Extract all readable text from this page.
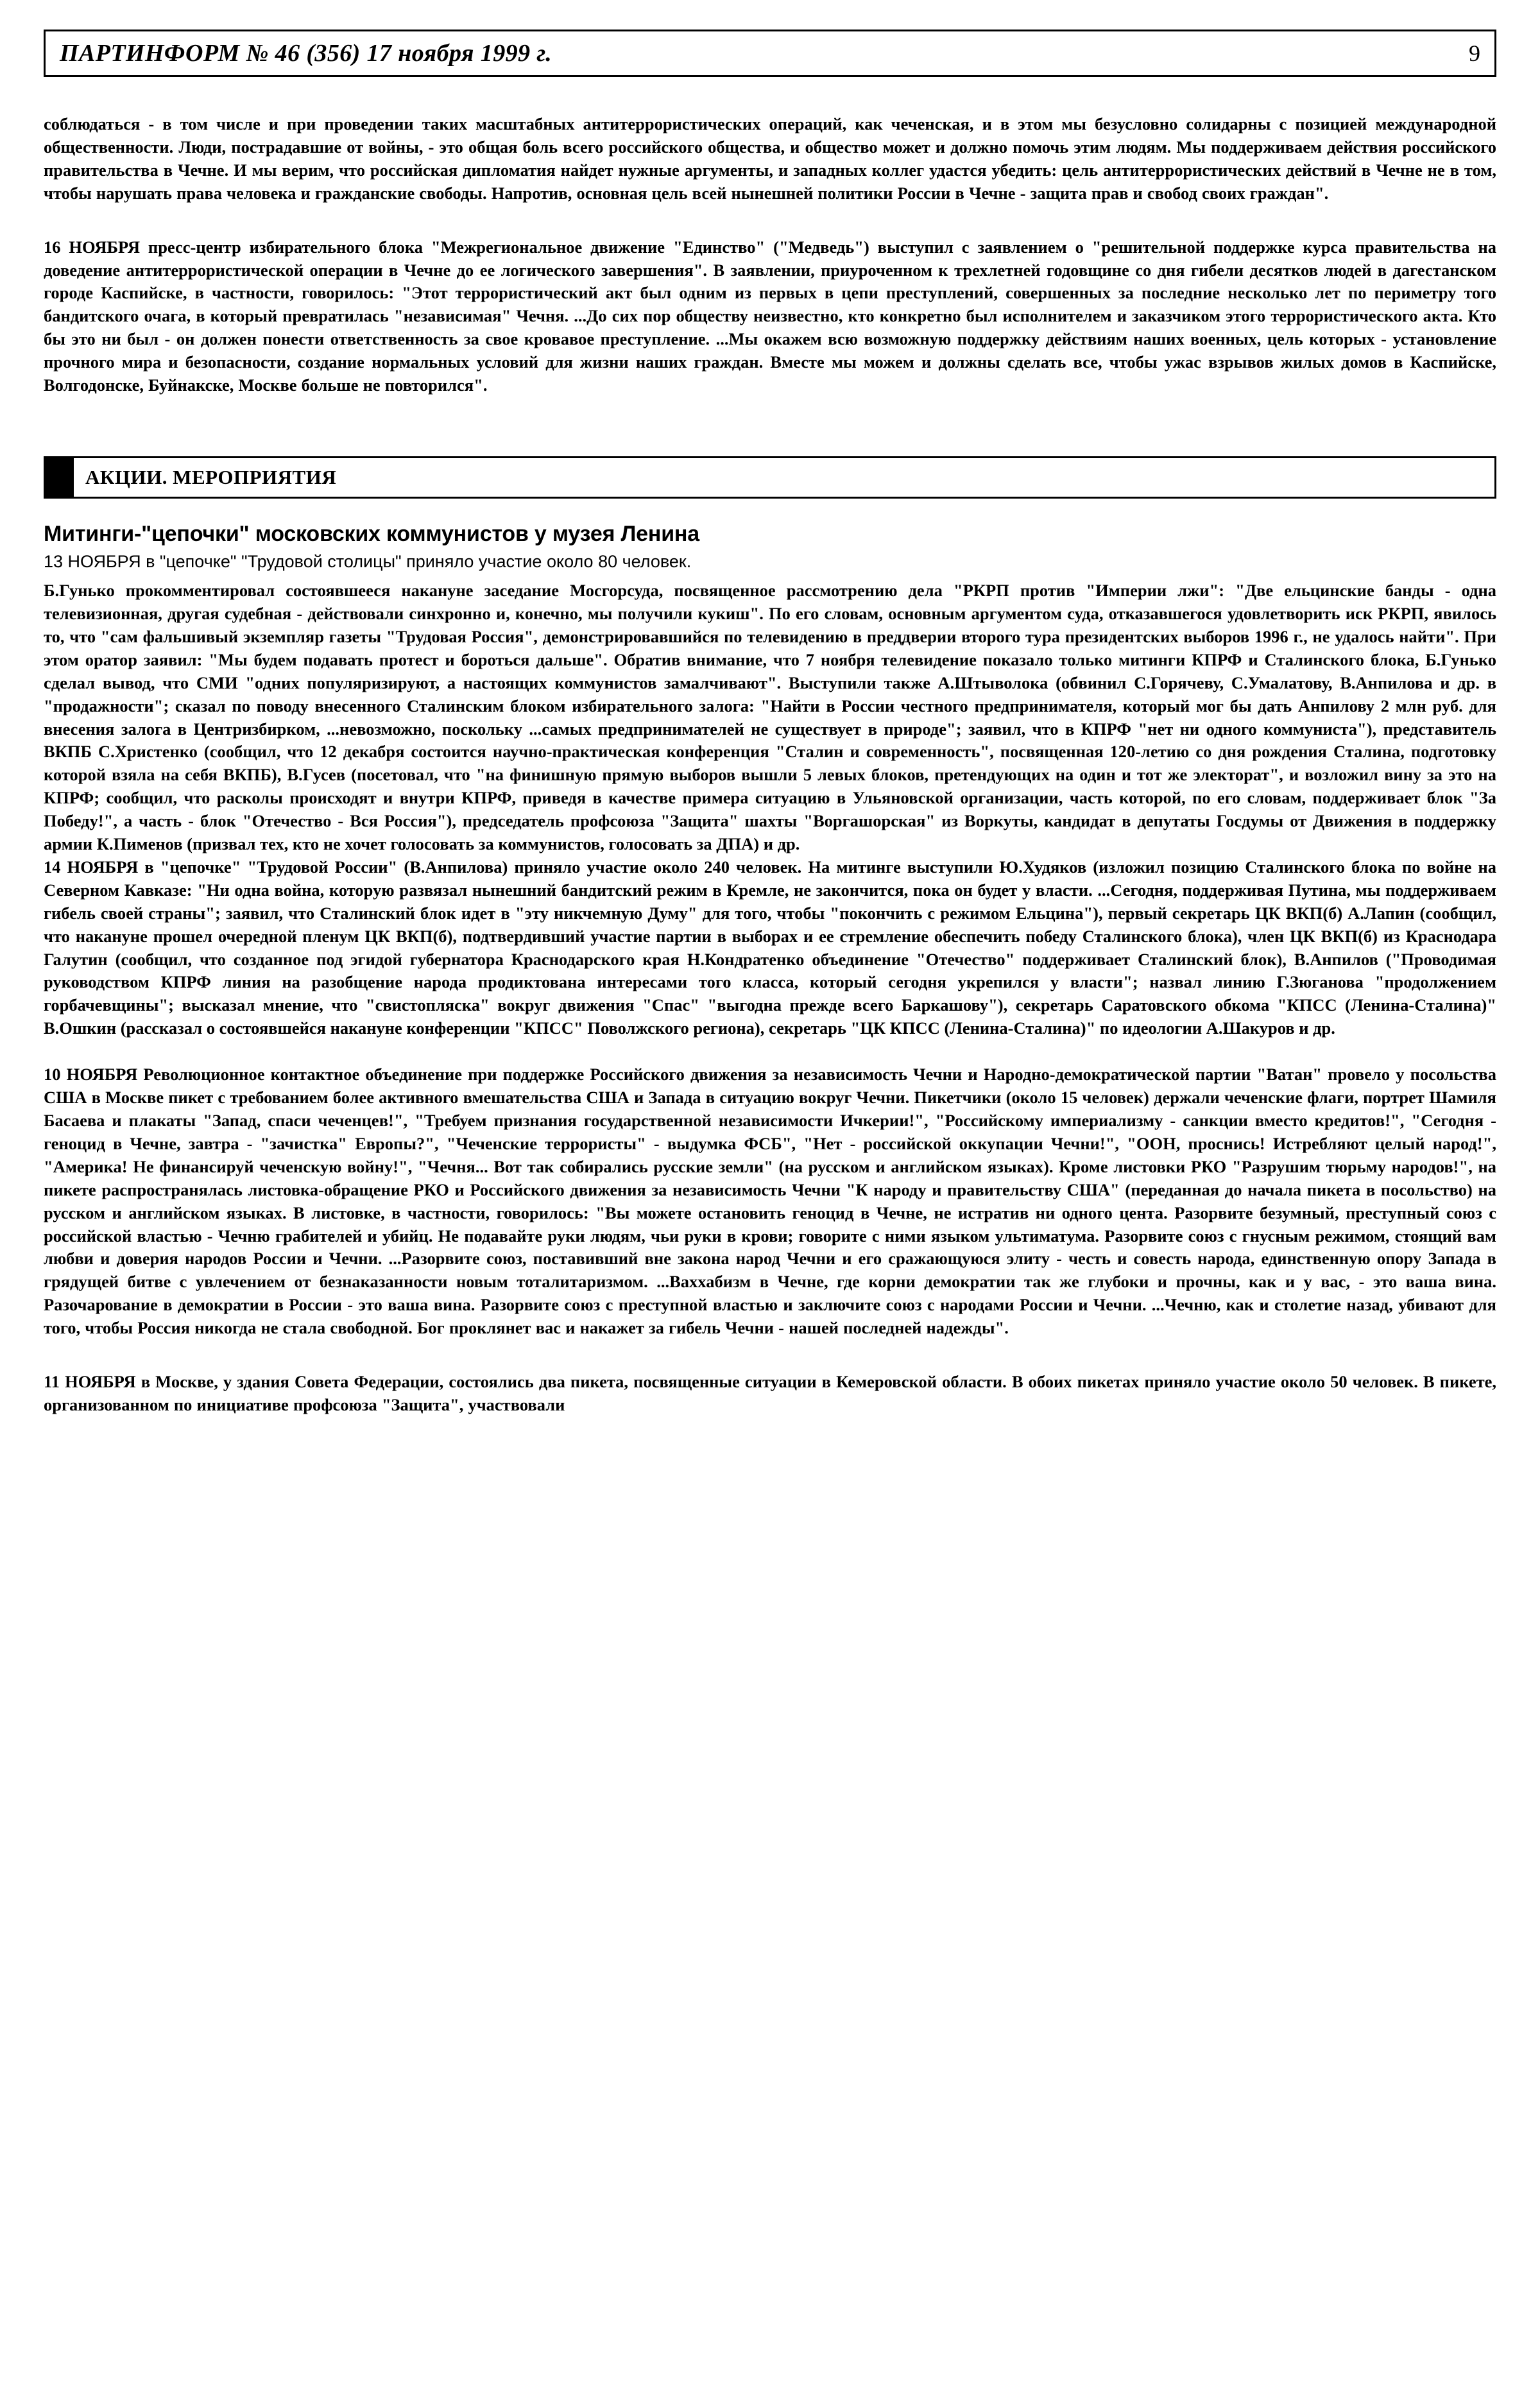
ПАРТИНФОРМ № 46 (356) 17 ноября 1999 г.	9

соблюдаться - в том числе и при проведении таких масштабных антитеррористических операций, как чеченская, и в этом мы безусловно солидарны с позицией международной общественности. Люди, пострадавшие от войны, - это общая боль всего российского общества, и общество может и должно помочь этим людям. Мы поддерживаем действия российского правительства в Чечне. И мы верим, что российская дипломатия найдет нужные аргументы, и западных коллег удастся убедить: цель антитеррористических действий в Чечне не в том, чтобы нарушать права человека и гражданские свободы. Напротив, основная цель всей нынешней политики России в Чечне - защита прав и свобод своих граждан".

16 НОЯБРЯ пресс-центр избирательного блока "Межрегиональное движение "Единство" ("Медведь") выступил с заявлением о "решительной поддержке курса правительства на доведение антитеррористической операции в Чечне до ее логического завершения". В заявлении, приуроченном к трехлетней годовщине со дня гибели десятков людей в дагестанском городе Каспийске, в частности, говорилось: "Этот террористический акт был одним из первых в цепи преступлений, совершенных за последние несколько лет по периметру того бандитского очага, в который превратилась "независимая" Чечня. ...До сих пор обществу неизвестно, кто конкретно был исполнителем и заказчиком этого террористического акта. Кто бы это ни был - он должен понести ответственность за свое кровавое преступление. ...Мы окажем всю возможную поддержку действиям наших военных, цель которых - установление прочного мира и безопасности, создание нормальных условий для жизни наших граждан. Вместе мы можем и должны сделать все, чтобы ужас взрывов жилых домов в Каспийске, Волгодонске, Буйнакске, Москве больше не повторился".

АКЦИИ. МЕРОПРИЯТИЯ
Митинги-"цепочки" московских коммунистов у музея Ленина

13 НОЯБРЯ в "цепочке" "Трудовой столицы" приняло участие около 80 человек.

Б.Гунько прокомментировал состоявшееся накануне заседание Мосгорсуда, посвященное рассмотрению дела "РКРП против "Империи лжи": "Две ельцинские банды - одна телевизионная, другая судебная - действовали синхронно и, конечно, мы получили кукиш". По его словам, основным аргументом суда, отказавшегося удовлетворить иск РКРП, явилось то, что "сам фальшивый экземпляр газеты "Трудовая Россия", демонстрировавшийся по телевидению в преддверии второго тура президентских выборов 1996 г., не удалось найти". При этом оратор заявил: "Мы будем подавать протест и бороться дальше". Обратив внимание, что 7 ноября телевидение показало только митинги КПРФ и Сталинского блока, Б.Гунько сделал вывод, что СМИ "одних популяризируют, а настоящих коммунистов замалчивают". Выступили также А.Штыволока (обвинил С.Горячеву, С.Умалатову, В.Анпилова и др. в "продажности"; сказал по поводу внесенного Сталинским блоком избирательного залога: "Найти в России честного предпринимателя, который мог бы дать Анпилову 2 млн руб. для внесения залога в Центризбирком, ...невозможно, поскольку ...самых предпринимателей не существует в природе"; заявил, что в КПРФ "нет ни одного коммуниста"), представитель ВКПБ С.Христенко (сообщил, что 12 декабря состоится научно-практическая конференция "Сталин и современность", посвященная 120-летию со дня рождения Сталина, подготовку которой взяла на себя ВКПБ), В.Гусев (посетовал, что "на финишную прямую выборов вышли 5 левых блоков, претендующих на один и тот же электорат", и возложил вину за это на КПРФ; сообщил, что расколы происходят и внутри КПРФ, приведя в качестве примера ситуацию в Ульяновской организации, часть которой, по его словам, поддерживает блок "За Победу!", а часть - блок "Отечество - Вся Россия"), председатель профсоюза "Защита" шахты "Воргашорская" из Воркуты, кандидат в депутаты Госдумы от Движения в поддержку армии К.Пименов (призвал тех, кто не хочет голосовать за коммунистов, голосовать за ДПА) и др.

14 НОЯБРЯ в "цепочке" "Трудовой России" (В.Анпилова) приняло участие около 240 человек. На митинге выступили Ю.Худяков (изложил позицию Сталинского блока по войне на Северном Кавказе: "Ни одна война, которую развязал нынешний бандитский режим в Кремле, не закончится, пока он будет у власти. ...Сегодня, поддерживая Путина, мы поддерживаем гибель своей страны"; заявил, что Сталинский блок идет в "эту никчемную Думу" для того, чтобы "покончить с режимом Ельцина"), первый секретарь ЦК ВКП(б) А.Лапин (сообщил, что накануне прошел очередной пленум ЦК ВКП(б), подтвердивший участие партии в выборах и ее стремление обеспечить победу Сталинского блока), член ЦК ВКП(б) из Краснодара Галутин (сообщил, что созданное под эгидой губернатора Краснодарского края Н.Кондратенко объединение "Отечество" поддерживает Сталинский блок), В.Анпилов ("Проводимая руководством КПРФ линия на разобщение народа продиктована интересами того класса, который сегодня укрепился у власти"; назвал линию Г.Зюганова "продолжением горбачевщины"; высказал мнение, что "свистопляска" вокруг движения "Спас" "выгодна прежде всего Баркашову"), секретарь Саратовского обкома "КПСС (Ленина-Сталина)" В.Ошкин (рассказал о состоявшейся накануне конференции "КПСС" Поволжского региона), секретарь "ЦК КПСС (Ленина-Сталина)" по идеологии А.Шакуров и др.

10 НОЯБРЯ Революционное контактное объединение при поддержке Российского движения за независимость Чечни и Народно-демократической партии "Ватан" провело у посольства США в Москве пикет с требованием более активного вмешательства США и Запада в ситуацию вокруг Чечни. Пикетчики (около 15 человек) держали чеченские флаги, портрет Шамиля Басаева и плакаты "Запад, спаси чеченцев!", "Требуем признания государственной независимости Ичкерии!", "Российскому империализму - санкции вместо кредитов!", "Сегодня - геноцид в Чечне, завтра - "зачистка" Европы?", "Чеченские террористы" - выдумка ФСБ", "Нет - российской оккупации Чечни!", "ООН, проснись! Истребляют целый народ!", "Америка! Не финансируй чеченскую войну!", "Чечня... Вот так собирались русские земли" (на русском и английском языках). Кроме листовки РКО "Разрушим тюрьму народов!", на пикете распространялась листовка-обращение РКО и Российского движения за независимость Чечни "К народу и правительству США" (переданная до начала пикета в посольство) на русском и английском языках. В листовке, в частности, говорилось: "Вы можете остановить геноцид в Чечне, не истратив ни одного цента. Разорвите безумный, преступный союз с российской властью - Чечню грабителей и убийц. Не подавайте руки людям, чьи руки в крови; говорите с ними языком ультиматума. Разорвите союз с гнусным режимом, стоящий вам любви и доверия народов России и Чечни. ...Разорвите союз, поставивший вне закона народ Чечни и его сражающуюся элиту - честь и совесть народа, единственную опору Запада в грядущей битве с увлечением от безнаказанности новым тоталитаризмом. ...Ваххабизм в Чечне, где корни демократии так же глубоки и прочны, как и у вас, - это ваша вина. Разочарование в демократии в России - это ваша вина. Разорвите союз с преступной властью и заключите союз с народами России и Чечни. ...Чечню, как и столетие назад, убивают для того, чтобы Россия никогда не стала свободной. Бог проклянет вас и накажет за гибель Чечни - нашей последней надежды".

11 НОЯБРЯ в Москве, у здания Совета Федерации, состоялись два пикета, посвященные ситуации в Кемеровской области. В обоих пикетах приняло участие около 50 человек. В пикете, организованном по инициативе профсоюза "Защита", участвовали
